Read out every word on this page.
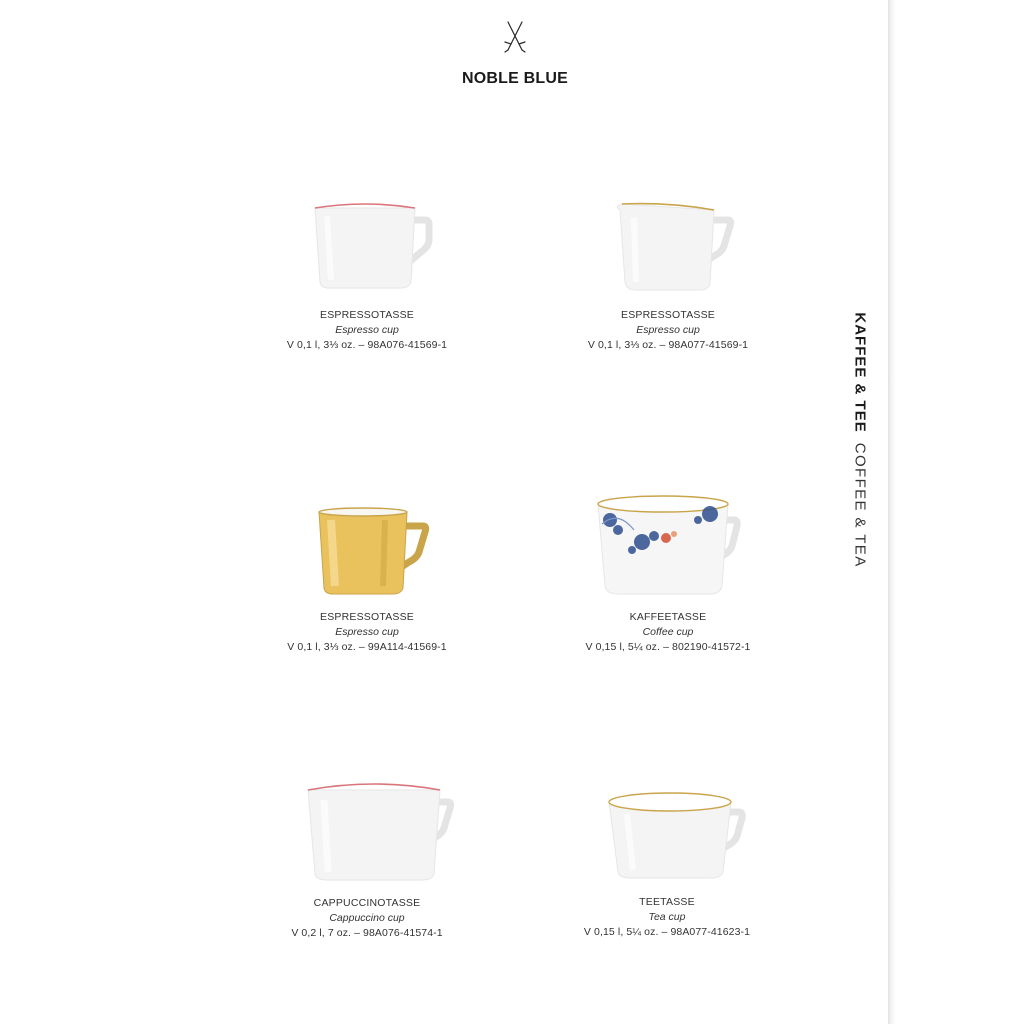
NOBLE BLUE
ESPRESSOTASSE
Espresso cup
V 0,1 l, 3⅓ oz. – 98A076-41569-1
ESPRESSOTASSE
Espresso cup
V 0,1 l, 3⅓ oz. – 98A077-41569-1
ESPRESSOTASSE
Espresso cup
V 0,1 l, 3⅓ oz. – 99A114-41569-1
KAFFEETASSE
Coffee cup
V 0,15 l, 5¼ oz. – 802190-41572-1
CAPPUCCINOTASSE
Cappuccino cup
V 0,2 l, 7 oz. – 98A076-41574-1
TEETASSE
Tea cup
V 0,15 l, 5¼ oz. – 98A077-41623-1
KAFFEE & TEECOFFEE & TEA
